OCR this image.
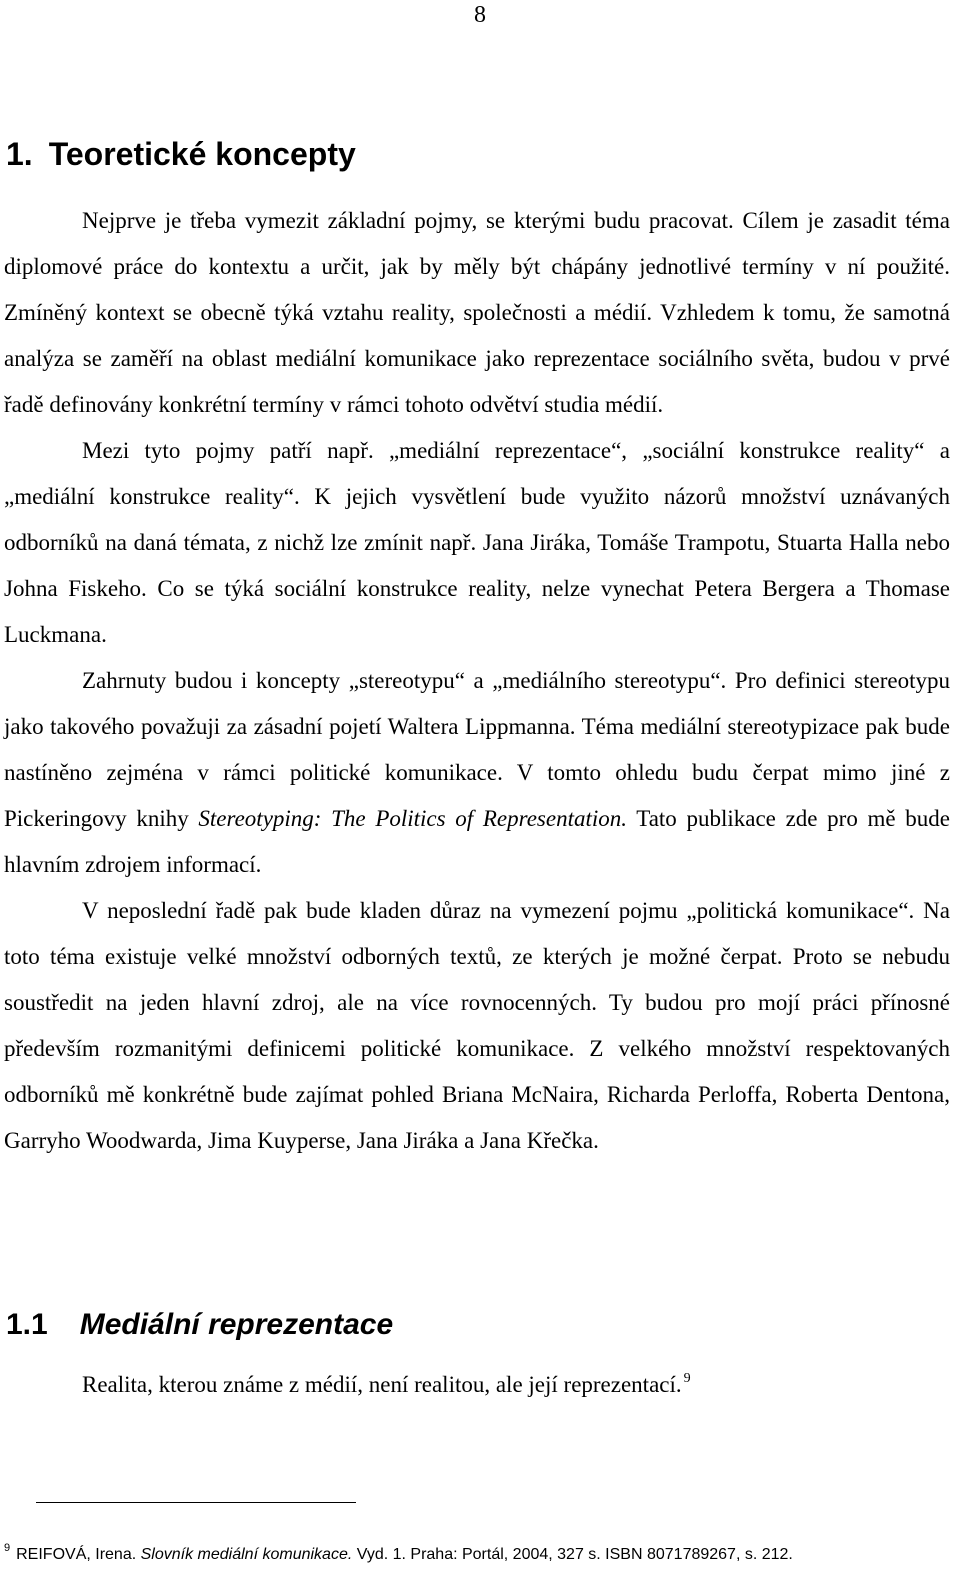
8
1. Teoretické koncepty

Nejprve je třeba vymezit základní pojmy, se kterými budu pracovat. Cílem je zasadit téma diplomové práce do kontextu a určit, jak by měly být chápány jednotlivé termíny v ní použité. Zmíněný kontext se obecně týká vztahu reality, společnosti a médií. Vzhledem k tomu, že samotná analýza se zaměří na oblast mediální komunikace jako reprezentace sociálního světa, budou v prvé řadě definovány konkrétní termíny v rámci tohoto odvětví studia médií.

Mezi tyto pojmy patří např. „mediální reprezentace“, „sociální konstrukce reality“ a „mediální konstrukce reality“. K jejich vysvětlení bude využito názorů množství uznávaných odborníků na daná témata, z nichž lze zmínit např. Jana Jiráka, Tomáše Trampotu, Stuarta Halla nebo Johna Fiskeho. Co se týká sociální konstrukce reality, nelze vynechat Petera Bergera a Thomase Luckmana.

Zahrnuty budou i koncepty „stereotypu“ a „mediálního stereotypu“. Pro definici stereotypu jako takového považuji za zásadní pojetí Waltera Lippmanna. Téma mediální stereotypizace pak bude nastíněno zejména v rámci politické komunikace. V tomto ohledu budu čerpat mimo jiné z Pickeringovy knihy Stereotyping: The Politics of Representation. Tato publikace zde pro mě bude hlavním zdrojem informací.

V neposlední řadě pak bude kladen důraz na vymezení pojmu „politická komunikace“. Na toto téma existuje velké množství odborných textů, ze kterých je možné čerpat. Proto se nebudu soustředit na jeden hlavní zdroj, ale na více rovnocenných. Ty budou pro mojí práci přínosné především rozmanitými definicemi politické komunikace. Z velkého množství respektovaných odborníků mě konkrétně bude zajímat pohled Briana McNaira, Richarda Perloffa, Roberta Dentona, Garryho Woodwarda, Jima Kuyperse, Jana Jiráka a Jana Křečka.

1.1 Mediální reprezentace
Realita, kterou známe z médií, není realitou, ale její reprezentací. $^9$
$^9$ REIFOVÁ, Irena. Slovník mediální komunikace. Vyd. 1. Praha: Portál, 2004, 327 s. ISBN 8071789267, s. 212.
